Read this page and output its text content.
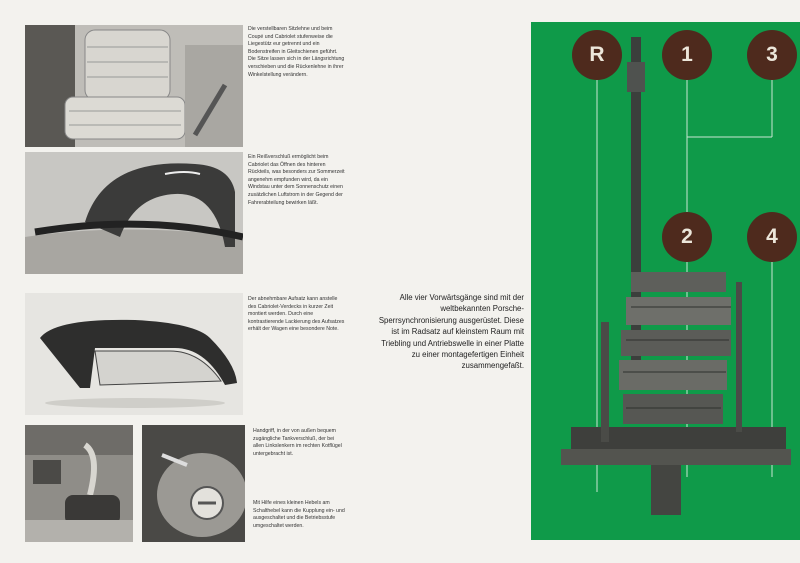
Die verstellbaren Sitzlehne und beim Coupé und Cabriolet stufenweise die Liegestütz eur getrennt und ein Bodenstreifen in Gleitschienen geführt. Die Sitze lassen sich in der Längsrichtung verschieben und die Rückenlehne in ihrer Winkelstellung verändern.
Ein Reißverschluß ermöglicht beim Cabriolet das Öffnen des hinteren Rückteils, was besonders zur Sommerzeit angenehm empfunden wird, da ein Windstau unter dem Sonnenschutz einen zusätzlichen Luftstrom in der Gegend der Fahrerabteilung bewirken läßt.
Der abnehmbare Aufsatz kann anstelle des Cabriolet-Verdecks in kurzer Zeit montiert werden. Durch eine kontrastierende Lackierung des Aufsatzes erhält der Wagen eine besondere Note.
Handgriff, in der von außen bequem zugängliche Tankverschluß, der bei allen Linkslenkern im rechten Kotflügel untergebracht ist.
Mit Hilfe eines kleinen Hebels am Schalthebel kann die Kupplung ein- und ausgeschaltet und die Betriebsstufe umgeschaltet werden.
Alle vier Vorwärtsgänge sind mit der weltbekannten Porsche-Sperrsynchronisierung ausgerüstet. Diese ist im Radsatz auf kleinstem Raum mit Triebling und Antriebswelle in einer Platte zu einer montagefertigen Einheit zusammengefaßt.
R	1	3
2	4
